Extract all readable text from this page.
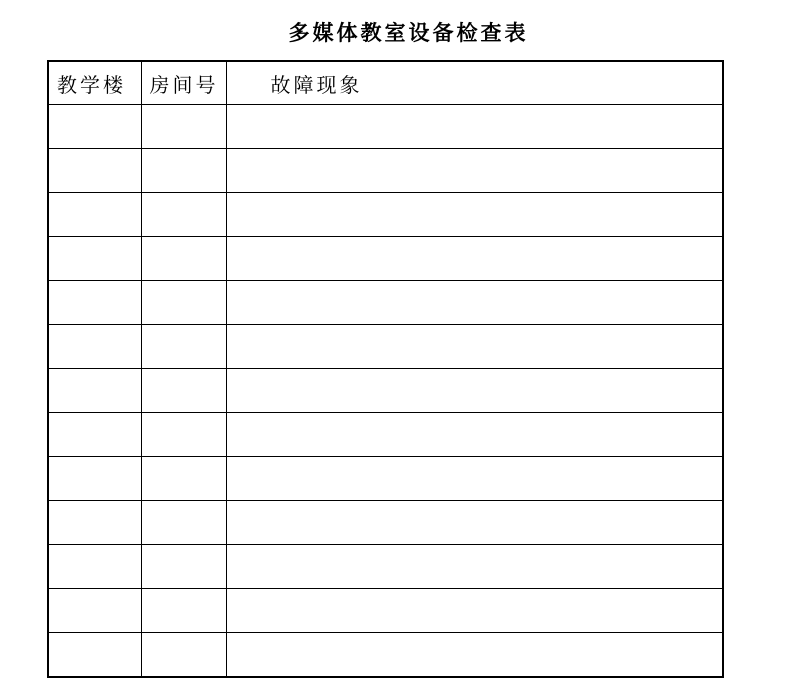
多媒体教室设备检查表
教学楼	房间号	故障现象
